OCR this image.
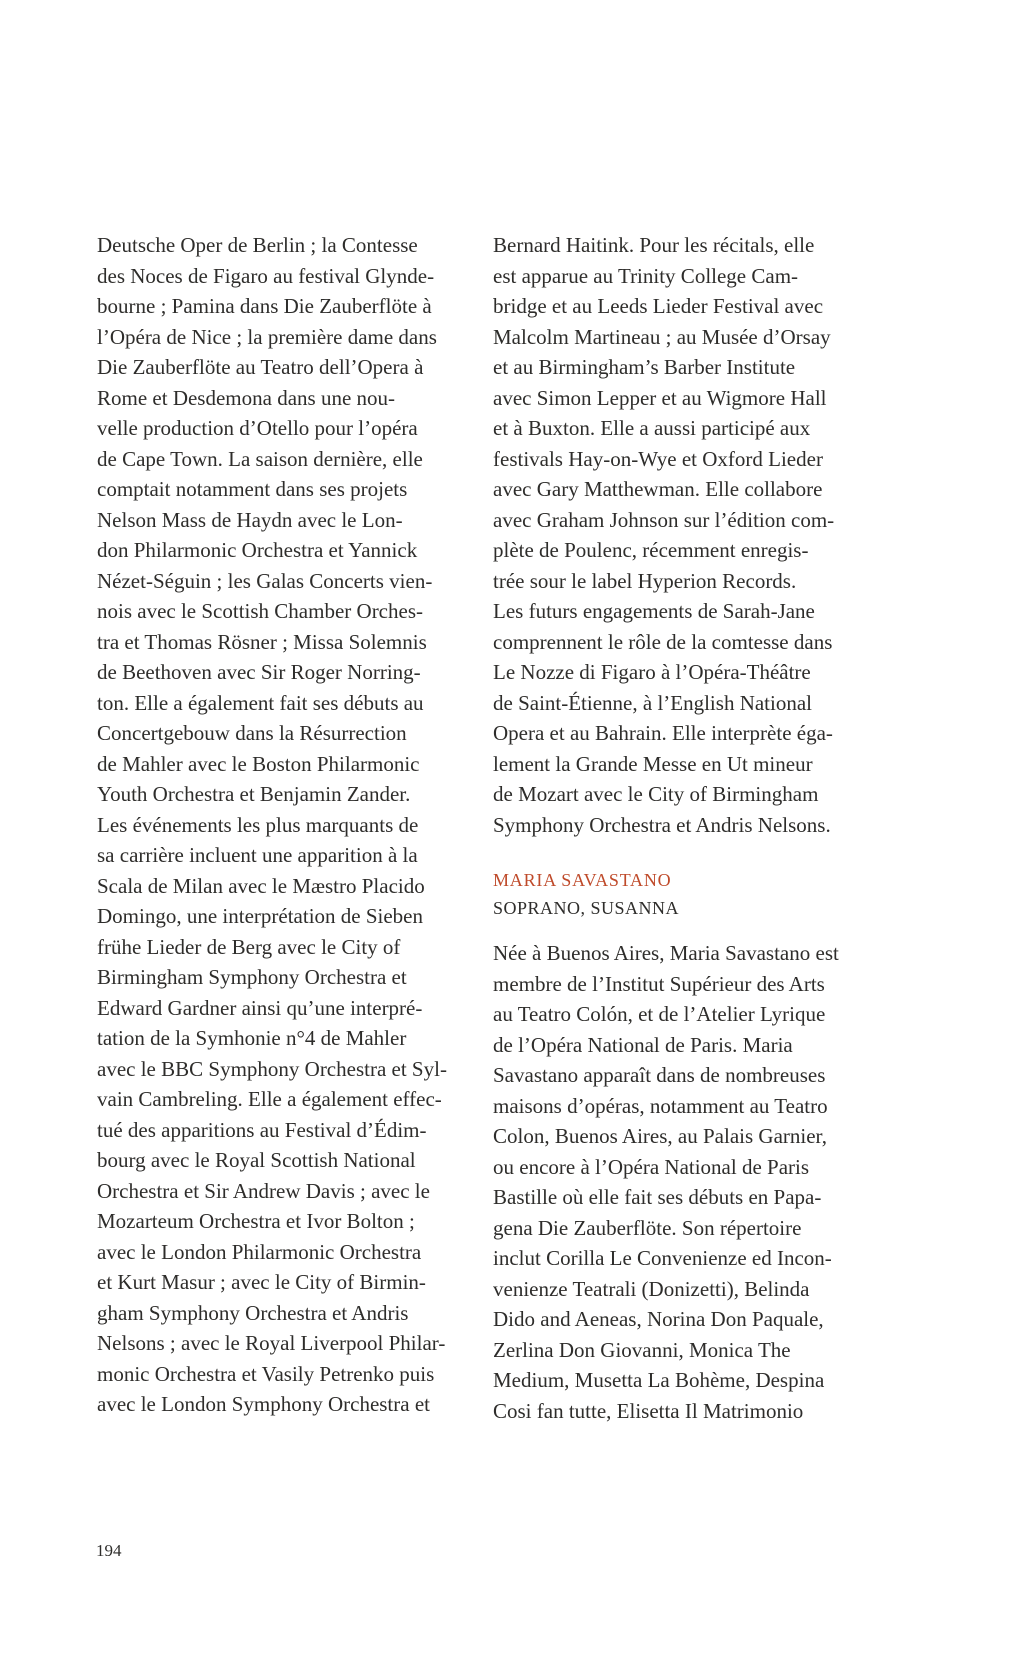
Deutsche Oper de Berlin ; la Contesse
des Noces de Figaro au festival Glynde-
bourne ; Pamina dans Die Zauberflöte à
l’Opéra de Nice ; la première dame dans
Die Zauberflöte au Teatro dell’Opera à
Rome et Desdemona dans une nou-
velle production d’Otello pour l’opéra
de Cape Town. La saison dernière, elle
comptait notamment dans ses projets
Nelson Mass de Haydn avec le Lon-
don Philarmonic Orchestra et Yannick
Nézet-Séguin ; les Galas Concerts vien-
nois avec le Scottish Chamber Orches-
tra et Thomas Rösner ; Missa Solemnis
de Beethoven avec Sir Roger Norring-
ton. Elle a également fait ses débuts au
Concertgebouw dans la Résurrection
de Mahler avec le Boston Philarmonic
Youth Orchestra et Benjamin Zander.
Les événements les plus marquants de
sa carrière incluent une apparition à la
Scala de Milan avec le Mæstro Placido
Domingo, une interprétation de Sieben
frühe Lieder de Berg avec le City of
Birmingham Symphony Orchestra et
Edward Gardner ainsi qu’une interpré-
tation de la Symhonie n°4 de Mahler
avec le BBC Symphony Orchestra et Syl-
vain Cambreling. Elle a également effec-
tué des apparitions au Festival d’Édim-
bourg avec le Royal Scottish National
Orchestra et Sir Andrew Davis ; avec le
Mozarteum Orchestra et Ivor Bolton ;
avec le London Philarmonic Orchestra
et Kurt Masur ; avec le City of Birmin-
gham Symphony Orchestra et Andris
Nelsons ; avec le Royal Liverpool Philar-
monic Orchestra et Vasily Petrenko puis
avec le London Symphony Orchestra et
Bernard Haitink. Pour les récitals, elle
est apparue au Trinity College Cam-
bridge et au Leeds Lieder Festival avec
Malcolm Martineau ; au Musée d’Orsay
et au Birmingham’s Barber Institute
avec Simon Lepper et au Wigmore Hall
et à Buxton. Elle a aussi participé aux
festivals Hay-on-Wye et Oxford Lieder
avec Gary Matthewman. Elle collabore
avec Graham Johnson sur l’édition com-
plète de Poulenc, récemment enregis-
trée sour le label Hyperion Records.
Les futurs engagements de Sarah-Jane
comprennent le rôle de la comtesse dans
Le Nozze di Figaro à l’Opéra-Théâtre
de Saint-Étienne, à l’English National
Opera et au Bahrain. Elle interprète éga-
lement la Grande Messe en Ut mineur
de Mozart avec le City of Birmingham
Symphony Orchestra et Andris Nelsons.
MARIA SAVASTANO
SOPRANO, SUSANNA
Née à Buenos Aires, Maria Savastano est
membre de l’Institut Supérieur des Arts
au Teatro Colón, et de l’Atelier Lyrique
de l’Opéra National de Paris. Maria
Savastano apparaît dans de nombreuses
maisons d’opéras, notamment au Teatro
Colon, Buenos Aires, au Palais Garnier,
ou encore à l’Opéra National de Paris
Bastille où elle fait ses débuts en Papa-
gena Die Zauberflöte. Son répertoire
inclut Corilla Le Convenienze ed Incon-
venienze Teatrali (Donizetti), Belinda
Dido and Aeneas, Norina Don Paquale,
Zerlina Don Giovanni, Monica The
Medium, Musetta La Bohème, Despina
Cosi fan tutte, Elisetta Il Matrimonio
194
